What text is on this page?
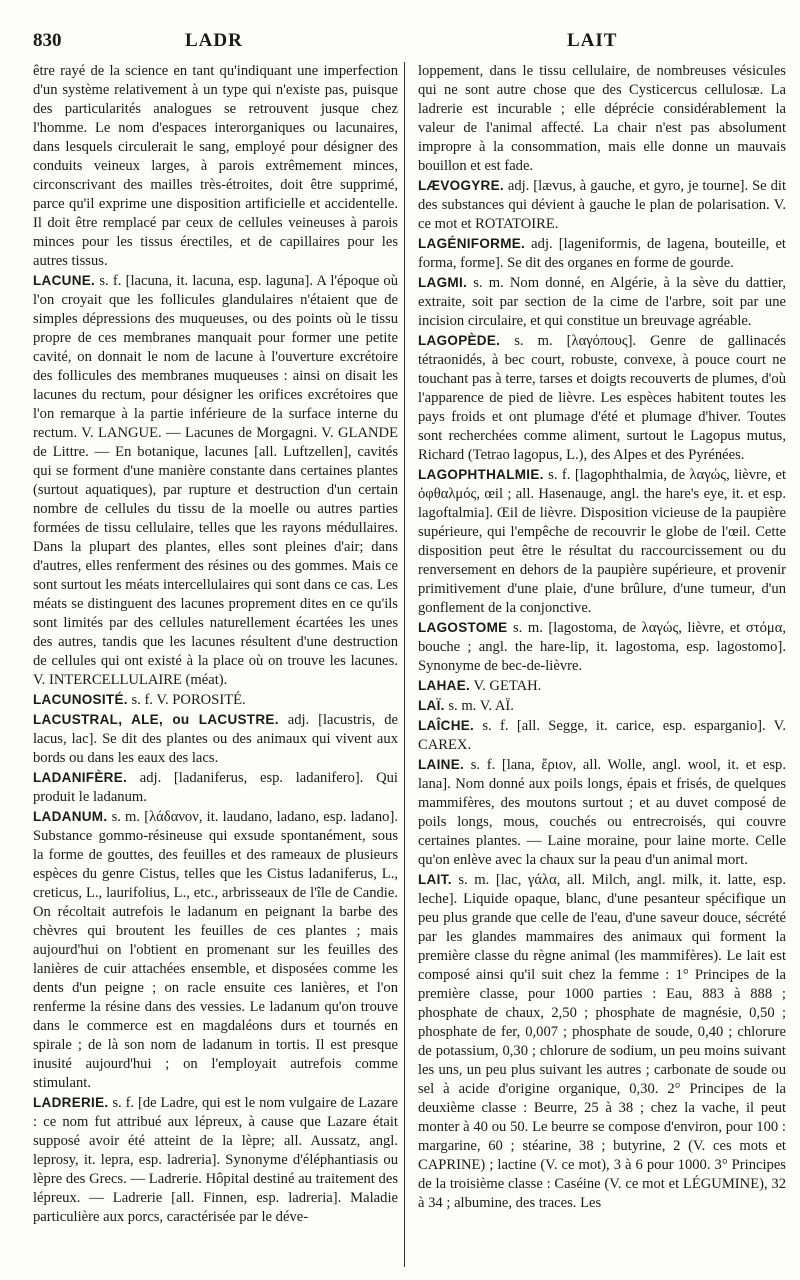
830	LADR	LAIT

être rayé de la science en tant qu'indiquant une imperfection d'un système relativement à un type qui n'existe pas, puisque des particularités analogues se retrouvent jusque chez l'homme. Le nom d'espaces interorganiques ou lacunaires, dans lesquels circulerait le sang, employé pour désigner des conduits veineux larges, à parois extrêmement minces, circonscrivant des mailles très-étroites, doit être supprimé, parce qu'il exprime une disposition artificielle et accidentelle. Il doit être remplacé par ceux de cellules veineuses à parois minces pour les tissus érectiles, et de capillaires pour les autres tissus.

LACUNE. s. f. [lacuna, it. lacuna, esp. laguna]. A l'époque où l'on croyait que les follicules glandulaires n'étaient que de simples dépressions des muqueuses, ou des points où le tissu propre de ces membranes manquait pour former une petite cavité, on donnait le nom de lacune à l'ouverture excrétoire des follicules des membranes muqueuses : ainsi on disait les lacunes du rectum, pour désigner les orifices excrétoires que l'on remarque à la partie inférieure de la surface interne du rectum. V. LANGUE. — Lacunes de Morgagni. V. GLANDE de Littre. — En botanique, lacunes [all. Luftzellen], cavités qui se forment d'une manière constante dans certaines plantes (surtout aquatiques), par rupture et destruction d'un certain nombre de cellules du tissu de la moelle ou autres parties formées de tissu cellulaire, telles que les rayons médullaires. Dans la plupart des plantes, elles sont pleines d'air; dans d'autres, elles renferment des résines ou des gommes. Mais ce sont surtout les méats intercellulaires qui sont dans ce cas. Les méats se distinguent des lacunes proprement dites en ce qu'ils sont limités par des cellules naturellement écartées les unes des autres, tandis que les lacunes résultent d'une destruction de cellules qui ont existé à la place où on trouve les lacunes. V. INTERCELLULAIRE (méat).

LACUNOSITÉ. s. f. V. POROSITÉ.

LACUSTRAL, ALE, ou LACUSTRE. adj. [lacustris, de lacus, lac]. Se dit des plantes ou des animaux qui vivent aux bords ou dans les eaux des lacs.

LADANIFÈRE. adj. [ladaniferus, esp. ladanifero]. Qui produit le ladanum.

LADANUM. s. m. [λάδανον, it. laudano, ladano, esp. ladano]. Substance gommo-résineuse qui exsude spontanément, sous la forme de gouttes, des feuilles et des rameaux de plusieurs espèces du genre Cistus, telles que les Cistus ladaniferus, L., creticus, L., laurifolius, L., etc., arbrisseaux de l'île de Candie. On récoltait autrefois le ladanum en peignant la barbe des chèvres qui broutent les feuilles de ces plantes ; mais aujourd'hui on l'obtient en promenant sur les feuilles des lanières de cuir attachées ensemble, et disposées comme les dents d'un peigne ; on racle ensuite ces lanières, et l'on renferme la résine dans des vessies. Le ladanum qu'on trouve dans le commerce est en magdaléons durs et tournés en spirale ; de là son nom de ladanum in tortis. Il est presque inusité aujourd'hui ; on l'employait autrefois comme stimulant.

LADRERIE. s. f. [de Ladre, qui est le nom vulgaire de Lazare : ce nom fut attribué aux lépreux, à cause que Lazare était supposé avoir été atteint de la lèpre; all. Aussatz, angl. leprosy, it. lepra, esp. ladreria]. Synonyme d'éléphantiasis ou lèpre des Grecs. — Ladrerie. Hôpital destiné au traitement des lépreux. — Ladrerie [all. Finnen, esp. ladreria]. Maladie particulière aux porcs, caractérisée par le déve-

loppement, dans le tissu cellulaire, de nombreuses vésicules qui ne sont autre chose que des Cysticercus cellulosæ. La ladrerie est incurable ; elle déprécie considérablement la valeur de l'animal affecté. La chair n'est pas absolument impropre à la consommation, mais elle donne un mauvais bouillon et est fade.

LÆVOGYRE. adj. [lævus, à gauche, et gyro, je tourne]. Se dit des substances qui dévient à gauche le plan de polarisation. V. ce mot et ROTATOIRE.

LAGÉNIFORME. adj. [lageniformis, de lagena, bouteille, et forma, forme]. Se dit des organes en forme de gourde.

LAGMI. s. m. Nom donné, en Algérie, à la sève du dattier, extraite, soit par section de la cime de l'arbre, soit par une incision circulaire, et qui constitue un breuvage agréable.

LAGOPÈDE. s. m. [λαγόπους]. Genre de gallinacés tétraonidés, à bec court, robuste, convexe, à pouce court ne touchant pas à terre, tarses et doigts recouverts de plumes, d'où l'apparence de pied de lièvre. Les espèces habitent toutes les pays froids et ont plumage d'été et plumage d'hiver. Toutes sont recherchées comme aliment, surtout le Lagopus mutus, Richard (Tetrao lagopus, L.), des Alpes et des Pyrénées.

LAGOPHTHALMIE. s. f. [lagophthalmia, de λαγώς, lièvre, et ὀφθαλμός, œil ; all. Hasenauge, angl. the hare's eye, it. et esp. lagoftalmia]. Œil de lièvre. Disposition vicieuse de la paupière supérieure, qui l'empêche de recouvrir le globe de l'œil. Cette disposition peut être le résultat du raccourcissement ou du renversement en dehors de la paupière supérieure, et provenir primitivement d'une plaie, d'une brûlure, d'une tumeur, d'un gonflement de la conjonctive.

LAGOSTOME s. m. [lagostoma, de λαγώς, lièvre, et στόμα, bouche ; angl. the hare-lip, it. lagostoma, esp. lagostomo]. Synonyme de bec-de-lièvre.

LAHAE. V. GETAH.

LAÏ. s. m. V. AÏ.

LAÎCHE. s. f. [all. Segge, it. carice, esp. esparganio]. V. CAREX.

LAINE. s. f. [lana, ἔριον, all. Wolle, angl. wool, it. et esp. lana]. Nom donné aux poils longs, épais et frisés, de quelques mammifères, des moutons surtout ; et au duvet composé de poils longs, mous, couchés ou entrecroisés, qui couvre certaines plantes. — Laine moraine, pour laine morte. Celle qu'on enlève avec la chaux sur la peau d'un animal mort.

LAIT. s. m. [lac, γάλα, all. Milch, angl. milk, it. latte, esp. leche]. Liquide opaque, blanc, d'une pesanteur spécifique un peu plus grande que celle de l'eau, d'une saveur douce, sécrété par les glandes mammaires des animaux qui forment la première classe du règne animal (les mammifères). Le lait est composé ainsi qu'il suit chez la femme : 1° Principes de la première classe, pour 1000 parties : Eau, 883 à 888 ; phosphate de chaux, 2,50 ; phosphate de magnésie, 0,50 ; phosphate de fer, 0,007 ; phosphate de soude, 0,40 ; chlorure de potassium, 0,30 ; chlorure de sodium, un peu moins suivant les uns, un peu plus suivant les autres ; carbonate de soude ou sel à acide d'origine organique, 0,30. 2° Principes de la deuxième classe : Beurre, 25 à 38 ; chez la vache, il peut monter à 40 ou 50. Le beurre se compose d'environ, pour 100 : margarine, 60 ; stéarine, 38 ; butyrine, 2 (V. ces mots et CAPRINE) ; lactine (V. ce mot), 3 à 6 pour 1000. 3° Principes de la troisième classe : Caséine (V. ce mot et LÉGUMINE), 32 à 34 ; albumine, des traces. Les
